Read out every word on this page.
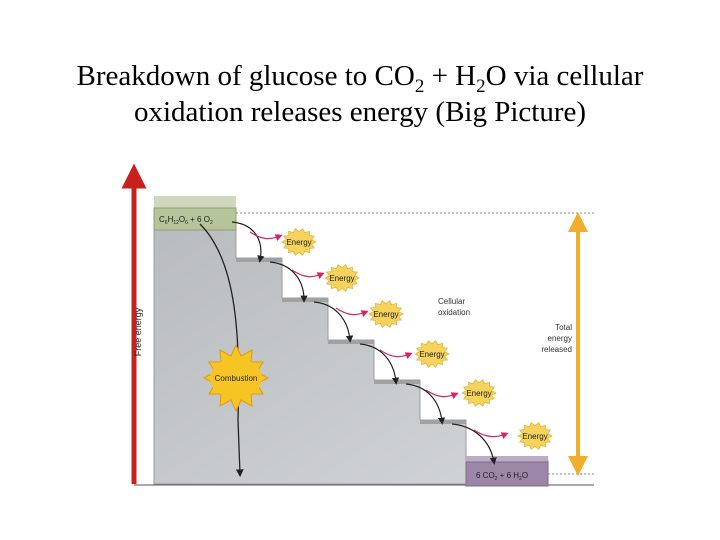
Breakdown of glucose to $CO_2 + H_2O$ via cellular
oxidation releases energy (Big Picture)
Free energy
$C_6H_{12}O_6 + 6$ $O_2$
6 $CO_2 + 6$ $H_2O$
Combustion
Energy
Energy
Energy
Energy
Energy
Energy
Cellular
oxidation
Total
energy
released
